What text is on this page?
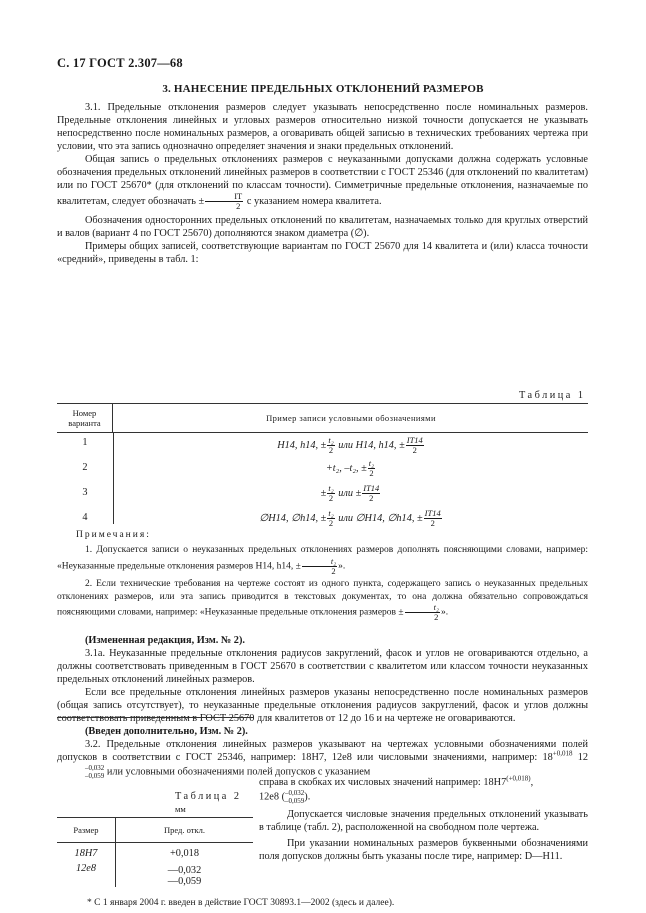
С. 17 ГОСТ 2.307—68
3. НАНЕСЕНИЕ ПРЕДЕЛЬНЫХ ОТКЛОНЕНИЙ РАЗМЕРОВ

3.1. Предельные отклонения размеров следует указывать непосредственно после номинальных размеров. Предельные отклонения линейных и угловых размеров относительно низкой точности допускается не указывать непосредственно после номинальных размеров, а оговаривать общей записью в технических требованиях чертежа при условии, что эта запись однозначно определяет значения и знаки предельных отклонений.

Общая запись о предельных отклонениях размеров с неуказанными допусками должна содержать условные обозначения предельных отклонений линейных размеров в соответствии с ГОСТ 25346 (для отклонений по квалитетам) или по ГОСТ 25670* (для отклонений по классам точности). Симметричные предельные отклонения, назначаемые по квалитетам, следует обозначать ± $\frac{IT}{2}$ с указанием номера квалитета.

Обозначения односторонних предельных отклонений по квалитетам, назначаемых только для круглых отверстий и валов (вариант 4 по ГОСТ 25670) дополняются знаком диаметра (∅).

Примеры общих записей, соответствующие вариантам по ГОСТ 25670 для 14 квалитета и (или) класса точности «средний», приведены в табл. 1:

Таблица 1
Номер варианта	Пример записи условными обозначениями
1	H14, h14, ± $\frac{\text{t₂}}{2}$ или H14, h14, ± $\frac{IT14}{2}$
2	+t₂, –t₂, ± $\frac{\text{t₂}}{2}$
3	± $\frac{\text{t₂}}{2}$ или ± $\frac{IT14}{2}$
4	∅H14, ∅h14, ± $\frac{\text{t₂}}{2}$ или ∅H14, ∅h14, ± $\frac{IT14}{2}$
Примечания:

1. Допускается записи о неуказанных предельных отклонениях размеров дополнять поясняющими словами, например: «Неуказанные предельные отклонения размеров H14, h14, ± $\frac{\text{t₂}}{2}$ ».

2. Если технические требования на чертеже состоят из одного пункта, содержащего запись о неуказанных предельных отклонениях размеров, или эта запись приводится в текстовых документах, то она должна обязательно сопровождаться поясняющими словами, например: «Неуказанные предельные отклонения размеров ± $\frac{\text{t₂}}{2}$ ».

(Измененная редакция, Изм. № 2).

3.1а. Неуказанные предельные отклонения радиусов закруглений, фасок и углов не оговариваются отдельно, а должны соответствовать приведенным в ГОСТ 25670 в соответствии с квалитетом или классом точности неуказанных предельных отклонений линейных размеров.

Если все предельные отклонения линейных размеров указаны непосредственно после номинальных размеров (общая запись отсутствует), то неуказанные предельные отклонения радиусов закруглений, фасок и углов должны соответствовать приведенным в ГОСТ 25670 для квалитетов от 12 до 16 и на чертеже не оговариваются.

(Введен дополнительно, Изм. № 2).

3.2. Предельные отклонения линейных размеров указывают на чертежах условными обозначениями полей допусков в соответствии с ГОСТ 25346, например: 18H7, 12e8 или числовыми значениями, например: $18^{+0,018}$ 12
–0,032
–0,059 или условными обозначениями полей допусков с указанием

справа в скобках их числовых значений например: $18H7^{(+0,018)}$,

12e8 ( –0,032
–0,059 ).

Допускается числовые значения предельных отклонений указывать в таблице (табл. 2), расположенной на свободном поле чертежа.

При указании номинальных размеров буквенными обозначениями поля допусков должны быть указаны после тире, например: D—H11.

Таблица 2
мм
Размер	Пред. откл.
18H7	+0,018
12e8	—0,032
—0,059
* С 1 января 2004 г. введен в действие ГОСТ 30893.1—2002 (здесь и далее).
